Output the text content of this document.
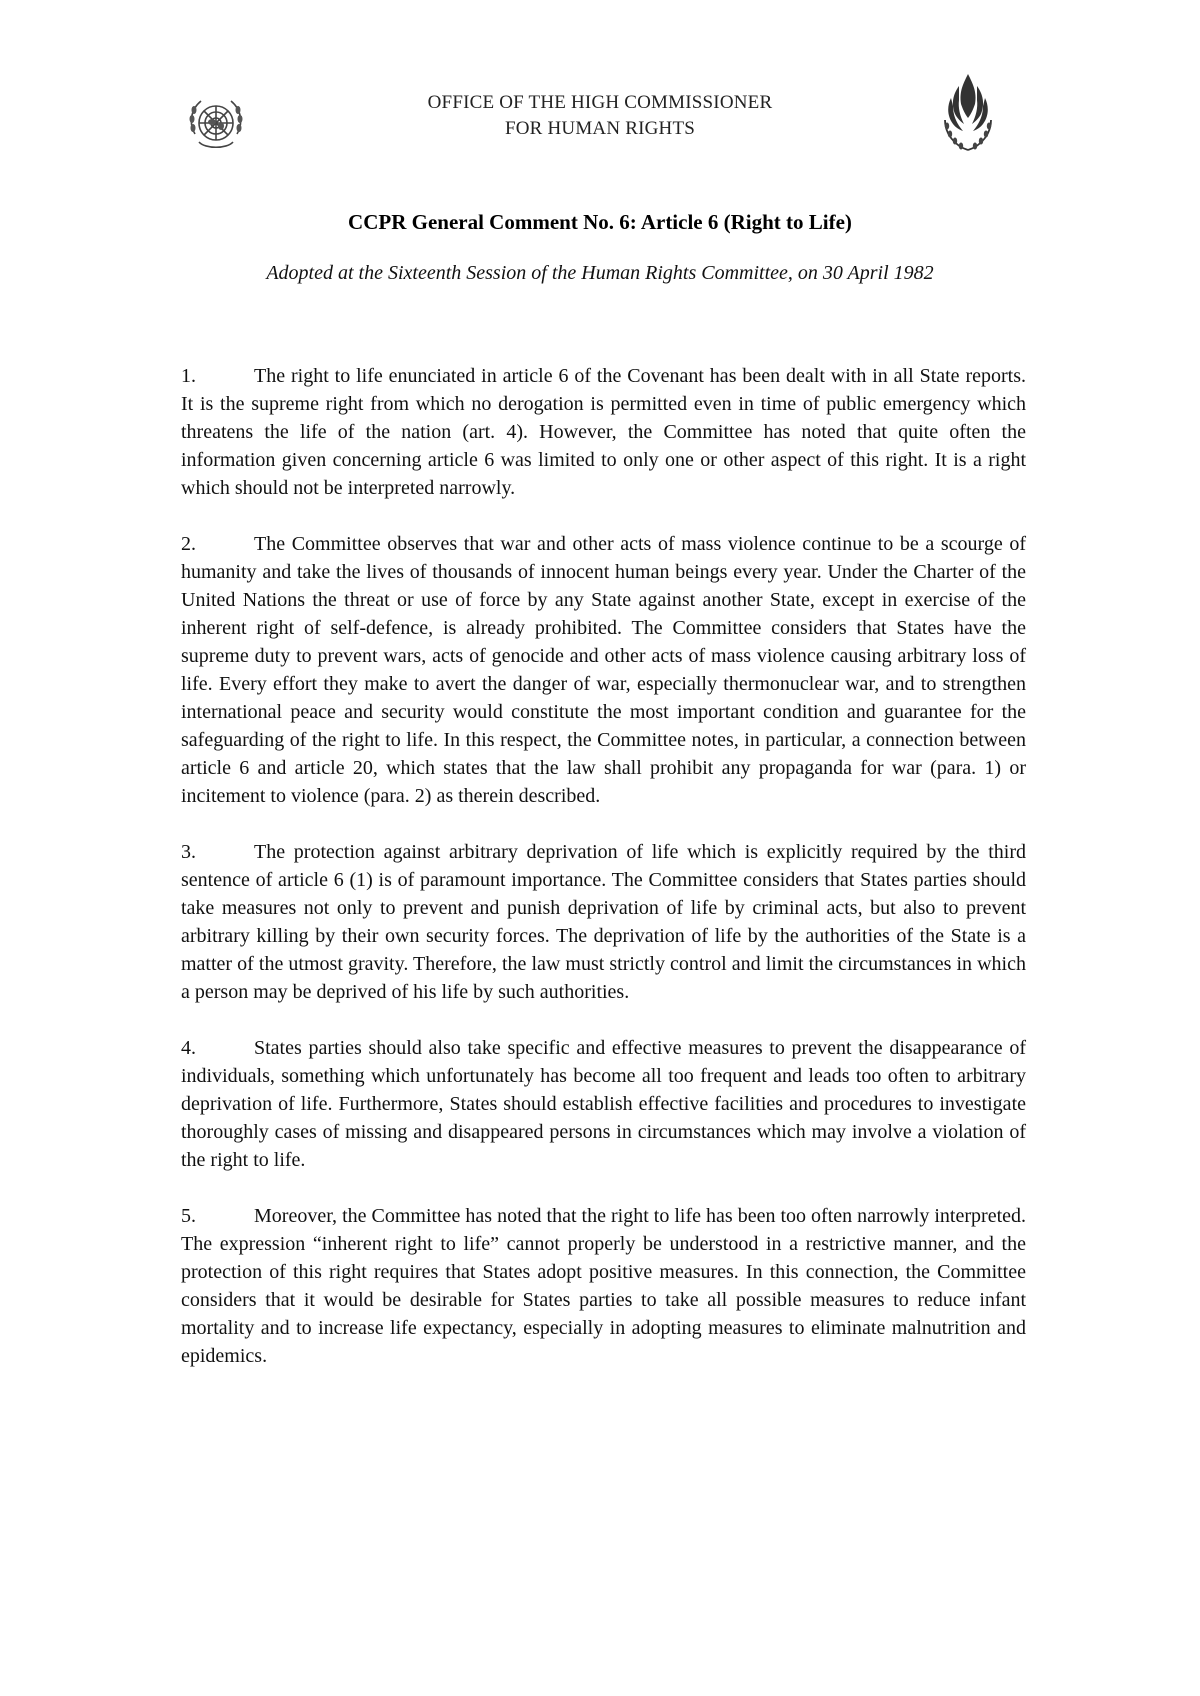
OFFICE OF THE HIGH COMMISSIONER
FOR HUMAN RIGHTS
CCPR General Comment No. 6: Article 6 (Right to Life)
Adopted at the Sixteenth Session of the Human Rights Committee, on 30 April 1982

1.	The right to life enunciated in article 6 of the Covenant has been dealt with in all State reports. It is the supreme right from which no derogation is permitted even in time of public emergency which threatens the life of the nation (art. 4). However, the Committee has noted that quite often the information given concerning article 6 was limited to only one or other aspect of this right. It is a right which should not be interpreted narrowly.

2.	The Committee observes that war and other acts of mass violence continue to be a scourge of humanity and take the lives of thousands of innocent human beings every year. Under the Charter of the United Nations the threat or use of force by any State against another State, except in exercise of the inherent right of self-defence, is already prohibited. The Committee considers that States have the supreme duty to prevent wars, acts of genocide and other acts of mass violence causing arbitrary loss of life. Every effort they make to avert the danger of war, especially thermonuclear war, and to strengthen international peace and security would constitute the most important condition and guarantee for the safeguarding of the right to life. In this respect, the Committee notes, in particular, a connection between article 6 and article 20, which states that the law shall prohibit any propaganda for war (para. 1) or incitement to violence (para. 2) as therein described.

3.	The protection against arbitrary deprivation of life which is explicitly required by the third sentence of article 6 (1) is of paramount importance. The Committee considers that States parties should take measures not only to prevent and punish deprivation of life by criminal acts, but also to prevent arbitrary killing by their own security forces. The deprivation of life by the authorities of the State is a matter of the utmost gravity. Therefore, the law must strictly control and limit the circumstances in which a person may be deprived of his life by such authorities.

4.	States parties should also take specific and effective measures to prevent the disappearance of individuals, something which unfortunately has become all too frequent and leads too often to arbitrary deprivation of life. Furthermore, States should establish effective facilities and procedures to investigate thoroughly cases of missing and disappeared persons in circumstances which may involve a violation of the right to life.

5.	Moreover, the Committee has noted that the right to life has been too often narrowly interpreted. The expression “inherent right to life” cannot properly be understood in a restrictive manner, and the protection of this right requires that States adopt positive measures. In this connection, the Committee considers that it would be desirable for States parties to take all possible measures to reduce infant mortality and to increase life expectancy, especially in adopting measures to eliminate malnutrition and epidemics.
